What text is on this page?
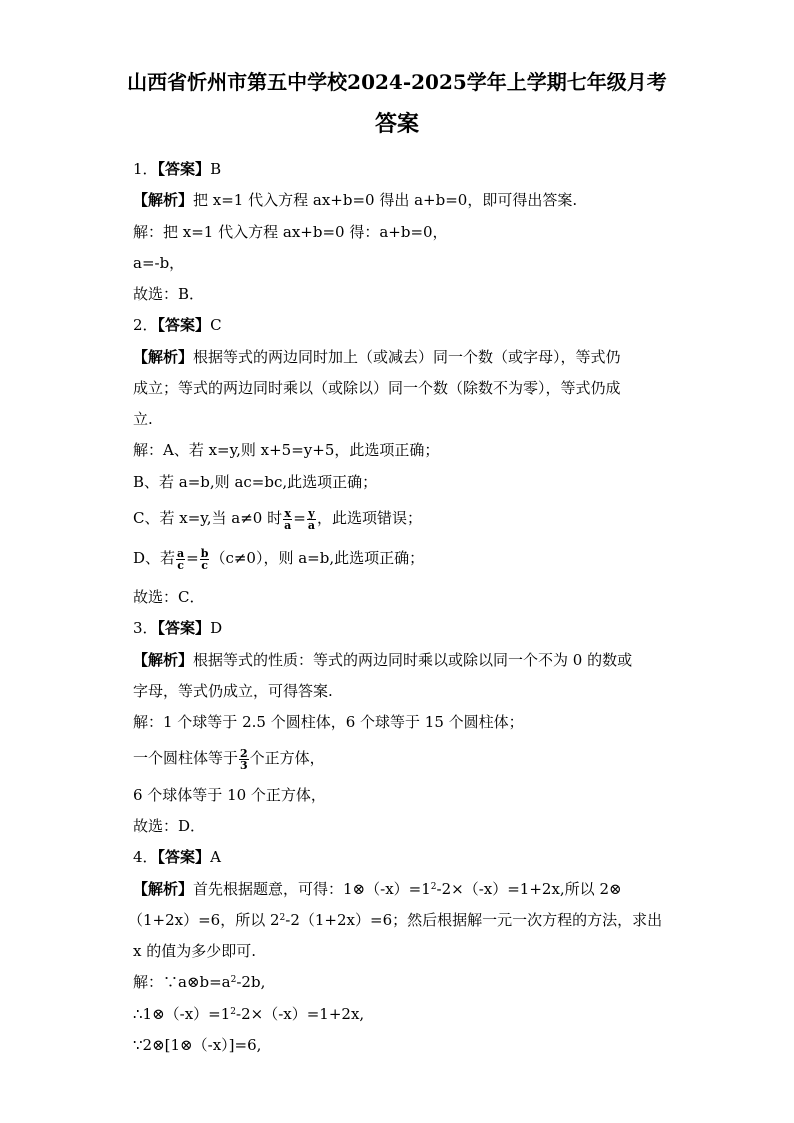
山西省忻州市第五中学校2024-2025学年上学期七年级月考
答案
1．【答案】B
【解析】把 x=1 代入方程 ax+b=0 得出 a+b=0，即可得出答案.
解：把 x=1 代入方程 ax+b=0 得：a+b=0，
a=-b，
故选：B．
2．【答案】C
【解析】根据等式的两边同时加上（或减去）同一个数（或字母），等式仍
成立；等式的两边同时乘以（或除以）同一个数（除数不为零），等式仍成
立.
解：A、若 x=y,则 x+5=y+5，此选项正确；
B、若 a=b,则 ac=bc,此选项正确；
C、若 x=y,当 a≠0 时 $\frac{x}{a} = \frac{y}{a}$ ，此选项错误；
D、若 $\frac{a}{c} = \frac{b}{c} (c\ne 0)$，则 a=b,此选项正确；
故选：C．
3．【答案】D
【解析】根据等式的性质：等式的两边同时乘以或除以同一个不为 0 的数或
字母，等式仍成立，可得答案.
解：1 个球等于 2.5 个圆柱体，6 个球等于 15 个圆柱体；
一个圆柱体等于 $\frac{2}{3}$ 个正方体，
6 个球体等于 10 个正方体，
故选：D．
4．【答案】A
【解析】首先根据题意，可得：$1\otimes(-x)=1^2-2\times(-x)=1+2x$,所以 2⊗
（1+2x）=6，所以 $2^2-2(1+2x)=6$；然后根据解一元一次方程的方法，求出
x 的值为多少即可.
解：$\because a\otimes b=a^2-2b$,
$\therefore 1\otimes(-x)=1^2-2\times(-x)=1+2x$,
∵2⊗[1⊗（-x）]=6,
